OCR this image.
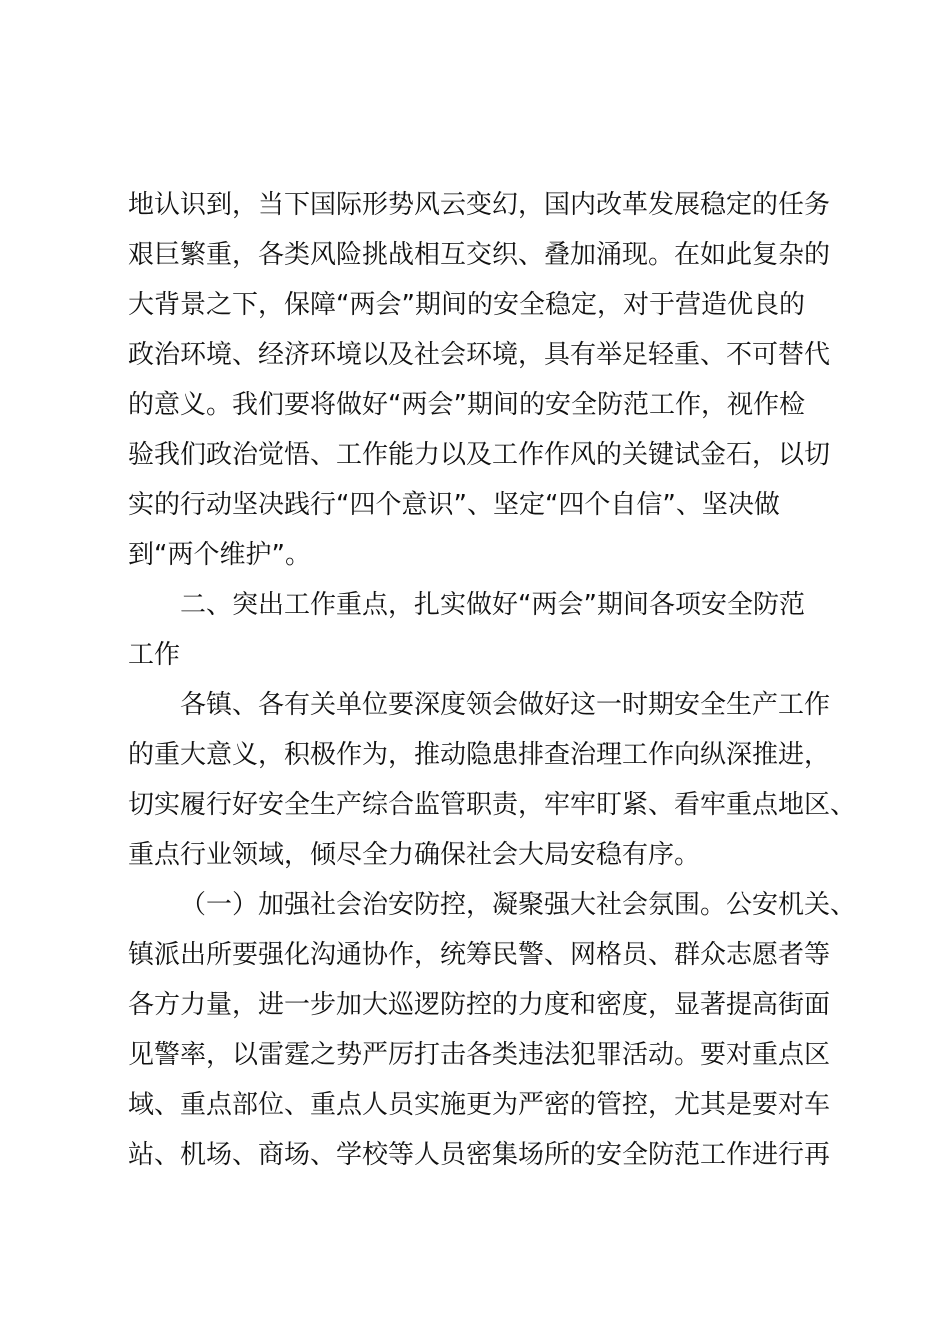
地认识到，当下国际形势风云变幻，国内改革发展稳定的任务
艰巨繁重，各类风险挑战相互交织、叠加涌现。在如此复杂的
大背景之下，保障“两会”期间的安全稳定，对于营造优良的
政治环境、经济环境以及社会环境，具有举足轻重、不可替代
的意义。我们要将做好“两会”期间的安全防范工作，视作检
验我们政治觉悟、工作能力以及工作作风的关键试金石，以切
实的行动坚决践行“四个意识”、坚定“四个自信”、坚决做
到“两个维护”。
二、突出工作重点，扎实做好“两会”期间各项安全防范
工作
各镇、各有关单位要深度领会做好这一时期安全生产工作
的重大意义，积极作为，推动隐患排查治理工作向纵深推进，
切实履行好安全生产综合监管职责，牢牢盯紧、看牢重点地区、
重点行业领域，倾尽全力确保社会大局安稳有序。
（一）加强社会治安防控，凝聚强大社会氛围。公安机关、
镇派出所要强化沟通协作，统筹民警、网格员、群众志愿者等
各方力量，进一步加大巡逻防控的力度和密度，显著提高街面
见警率，以雷霆之势严厉打击各类违法犯罪活动。要对重点区
域、重点部位、重点人员实施更为严密的管控，尤其是要对车
站、机场、商场、学校等人员密集场所的安全防范工作进行再
